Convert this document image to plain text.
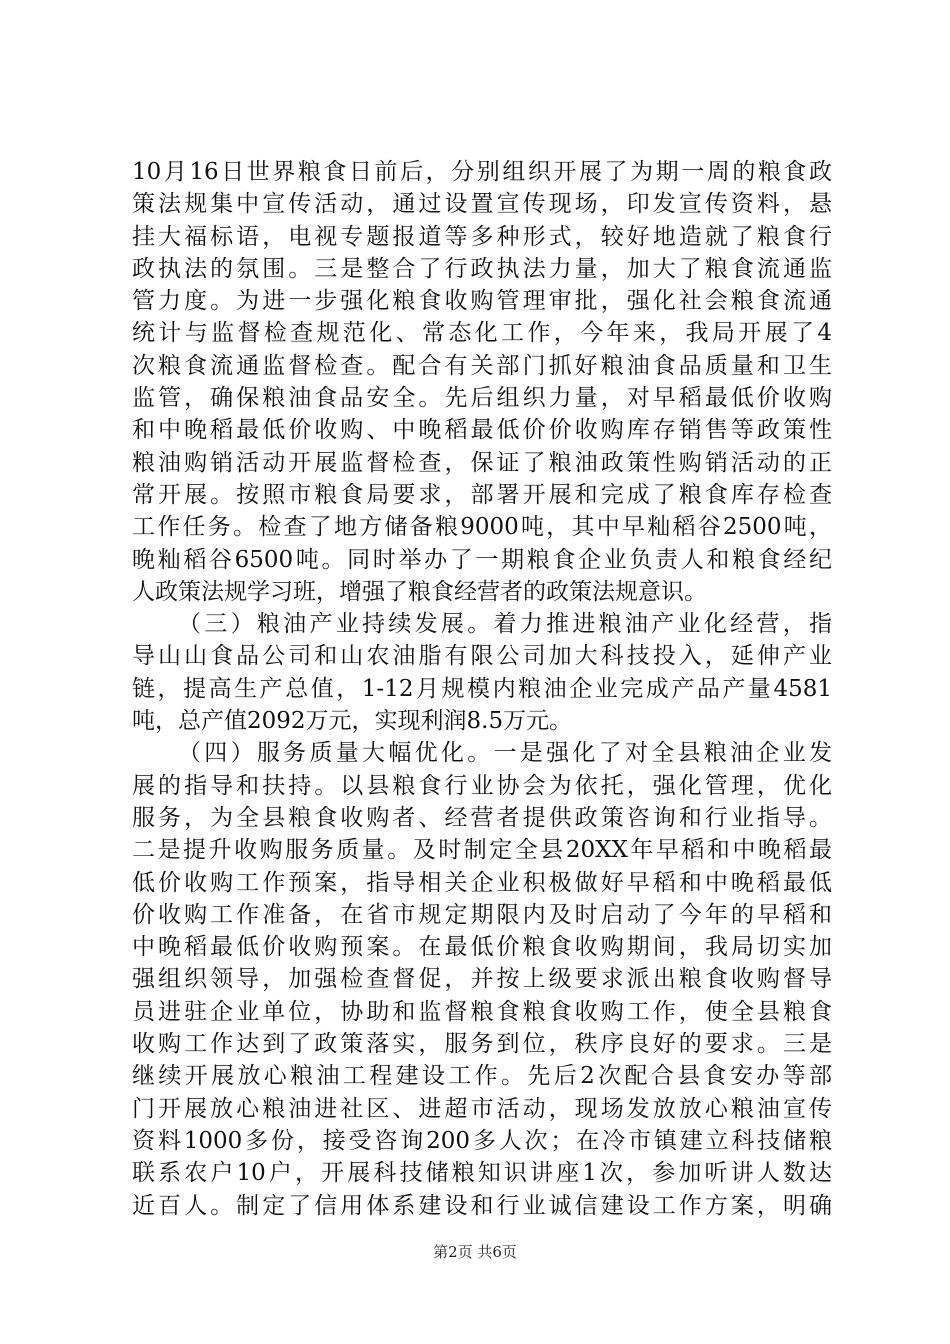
10月16日世界粮食日前后，分别组织开展了为期一周的粮食政
策法规集中宣传活动，通过设置宣传现场，印发宣传资料，悬
挂大福标语，电视专题报道等多种形式，较好地造就了粮食行
政执法的氛围。三是整合了行政执法力量，加大了粮食流通监
管力度。为进一步强化粮食收购管理审批，强化社会粮食流通
统计与监督检查规范化、常态化工作，今年来，我局开展了4
次粮食流通监督检查。配合有关部门抓好粮油食品质量和卫生
监管，确保粮油食品安全。先后组织力量，对早稻最低价收购
和中晚稻最低价收购、中晚稻最低价价收购库存销售等政策性
粮油购销活动开展监督检查，保证了粮油政策性购销活动的正
常开展。按照市粮食局要求，部署开展和完成了粮食库存检查
工作任务。检查了地方储备粮9000吨，其中早籼稻谷2500吨，
晚籼稻谷6500吨。同时举办了一期粮食企业负责人和粮食经纪
人政策法规学习班，增强了粮食经营者的政策法规意识。
（三）粮油产业持续发展。着力推进粮油产业化经营，指
导山山食品公司和山农油脂有限公司加大科技投入，延伸产业
链，提高生产总值，1-12月规模内粮油企业完成产品产量4581
吨，总产值2092万元，实现利润8.5万元。
（四）服务质量大幅优化。一是强化了对全县粮油企业发
展的指导和扶持。以县粮食行业协会为依托，强化管理，优化
服务，为全县粮食收购者、经营者提供政策咨询和行业指导。
二是提升收购服务质量。及时制定全县20XX年早稻和中晚稻最
低价收购工作预案，指导相关企业积极做好早稻和中晚稻最低
价收购工作准备，在省市规定期限内及时启动了今年的早稻和
中晚稻最低价收购预案。在最低价粮食收购期间，我局切实加
强组织领导，加强检查督促，并按上级要求派出粮食收购督导
员进驻企业单位，协助和监督粮食粮食收购工作，使全县粮食
收购工作达到了政策落实，服务到位，秩序良好的要求。三是
继续开展放心粮油工程建设工作。先后2次配合县食安办等部
门开展放心粮油进社区、进超市活动，现场发放放心粮油宣传
资料1000多份，接受咨询200多人次；在冷市镇建立科技储粮
联系农户10户，开展科技储粮知识讲座1次，参加听讲人数达
近百人。制定了信用体系建设和行业诚信建设工作方案，明确
第2页 共6页
